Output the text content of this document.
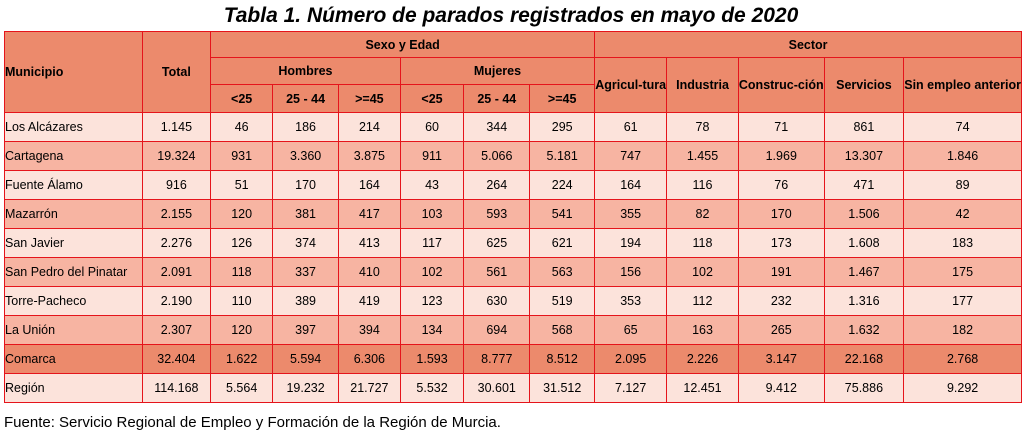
Tabla 1. Número de parados registrados en mayo de 2020
Municipio	Total	Sexo y Edad						Sector				
		Hombres			Mujeres			Agricul-tura	Industria	Construc-ción	Servicios	Sin empleo anterior
		<25	25 - 44	>=45	<25	25 - 44	>=45					
Los Alcázares	1.145	46	186	214	60	344	295	61	78	71	861	74
Cartagena	19.324	931	3.360	3.875	911	5.066	5.181	747	1.455	1.969	13.307	1.846
Fuente Álamo	916	51	170	164	43	264	224	164	116	76	471	89
Mazarrón	2.155	120	381	417	103	593	541	355	82	170	1.506	42
San Javier	2.276	126	374	413	117	625	621	194	118	173	1.608	183
San Pedro del Pinatar	2.091	118	337	410	102	561	563	156	102	191	1.467	175
Torre-Pacheco	2.190	110	389	419	123	630	519	353	112	232	1.316	177
La Unión	2.307	120	397	394	134	694	568	65	163	265	1.632	182
Comarca	32.404	1.622	5.594	6.306	1.593	8.777	8.512	2.095	2.226	3.147	22.168	2.768
Región	114.168	5.564	19.232	21.727	5.532	30.601	31.512	7.127	12.451	9.412	75.886	9.292
Fuente: Servicio Regional de Empleo y Formación de la Región de Murcia.
